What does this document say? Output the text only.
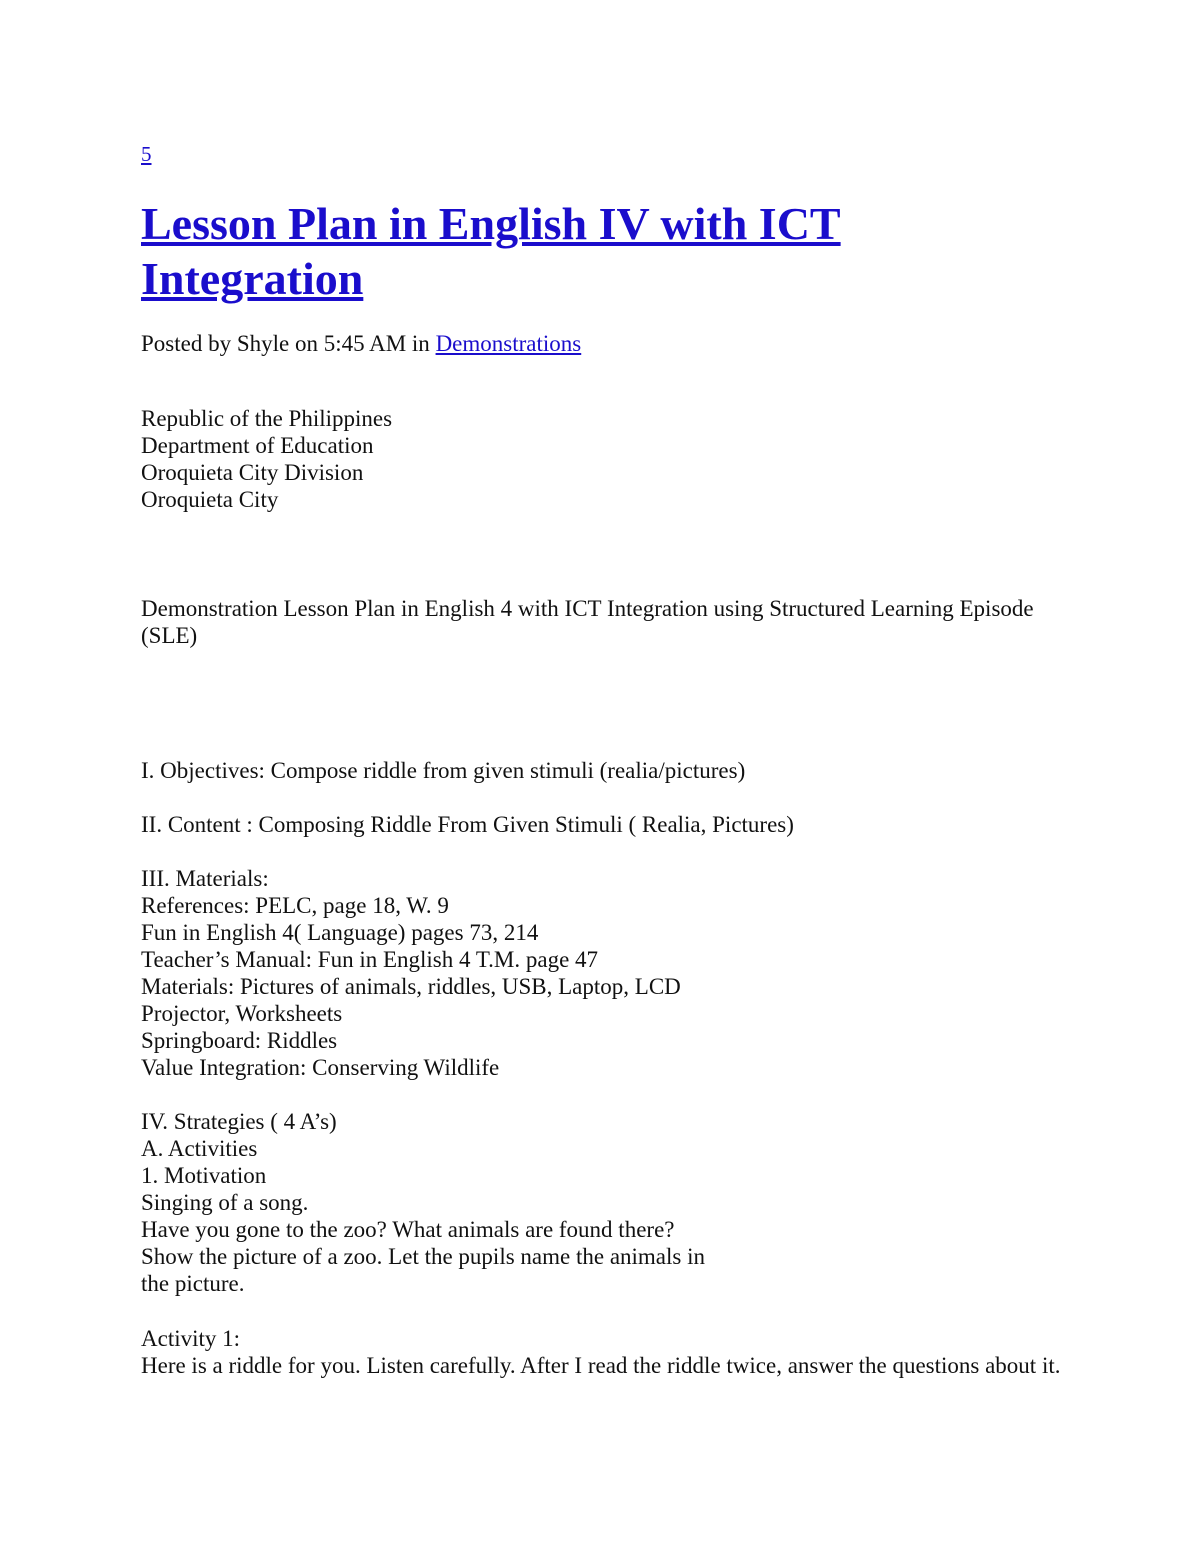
5
Lesson Plan in English IV with ICT Integration
Posted by Shyle on 5:45 AM in Demonstrations
Republic of the Philippines
Department of Education
Oroquieta City Division
Oroquieta City
Demonstration Lesson Plan in English 4 with ICT Integration using Structured Learning Episode (SLE)
I. Objectives: Compose riddle from given stimuli (realia/pictures)
II. Content : Composing Riddle From Given Stimuli ( Realia, Pictures)
III. Materials:
References: PELC, page 18, W. 9
Fun in English 4( Language) pages 73, 214
Teacher’s Manual: Fun in English 4 T.M. page 47
Materials: Pictures of animals, riddles, USB, Laptop, LCD
Projector, Worksheets
Springboard: Riddles
Value Integration: Conserving Wildlife
IV. Strategies ( 4 A’s)
A. Activities
1. Motivation
Singing of a song.
Have you gone to the zoo? What animals are found there?
Show the picture of a zoo. Let the pupils name the animals in
the picture.
Activity 1:
Here is a riddle for you. Listen carefully. After I read the riddle twice, answer the questions about it.
